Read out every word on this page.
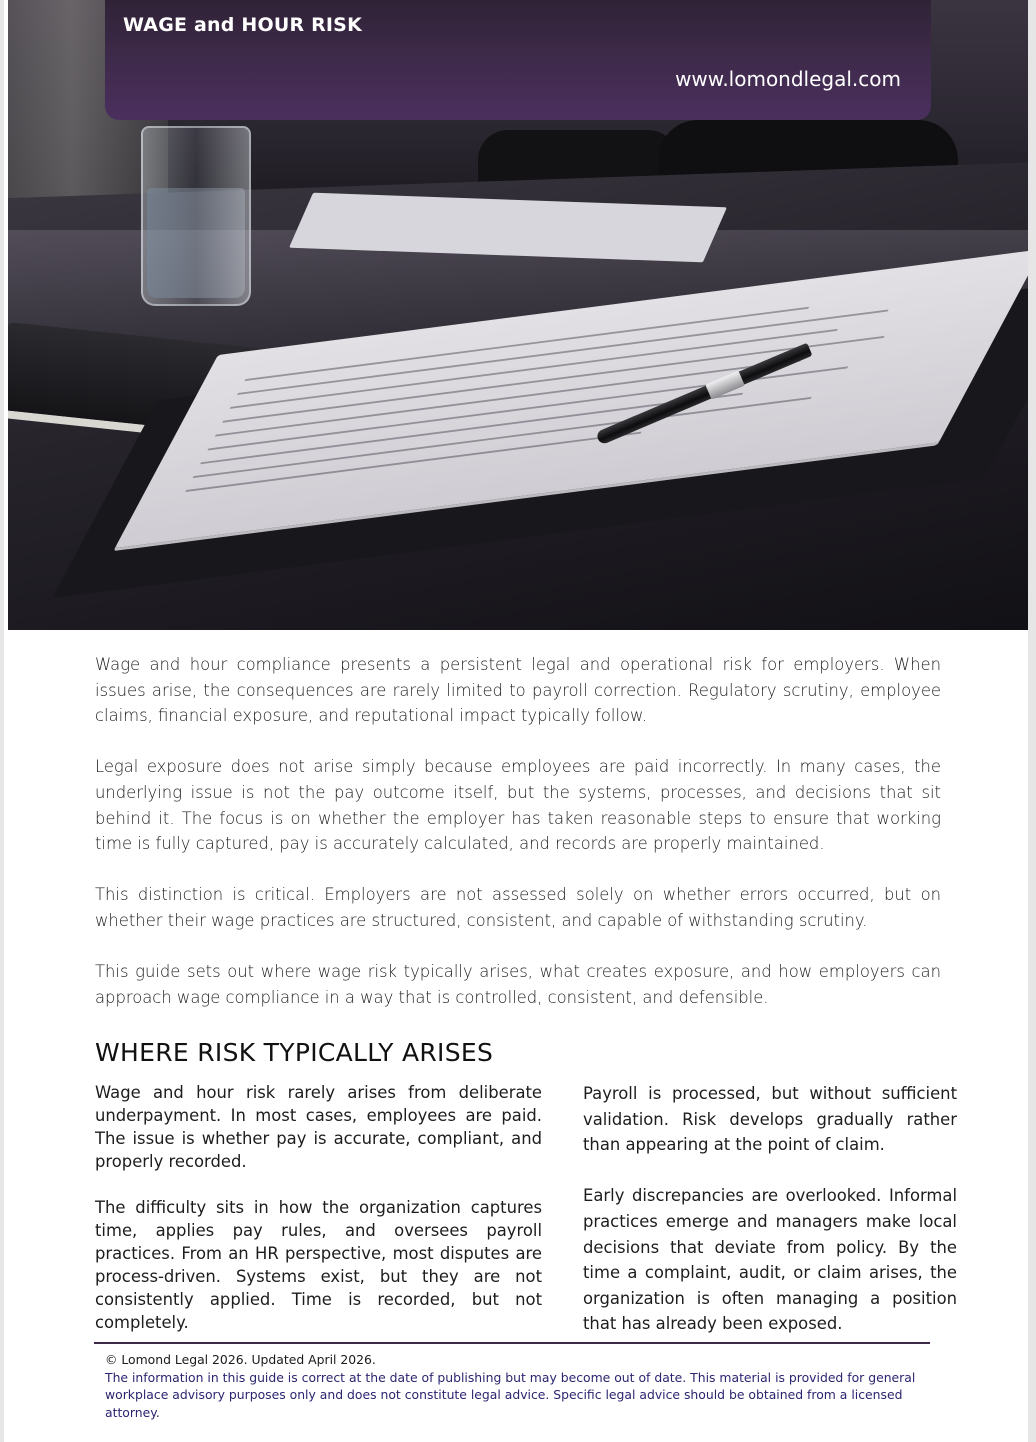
WAGE and HOUR RISK
www.lomondlegal.com

Wage and hour compliance presents a persistent legal and operational risk for employers. When issues arise, the consequences are rarely limited to payroll correction. Regulatory scrutiny, employee claims, financial exposure, and reputational impact typically follow.

Legal exposure does not arise simply because employees are paid incorrectly. In many cases, the underlying issue is not the pay outcome itself, but the systems, processes, and decisions that sit behind it. The focus is on whether the employer has taken reasonable steps to ensure that working time is fully captured, pay is accurately calculated, and records are properly maintained.

This distinction is critical. Employers are not assessed solely on whether errors occurred, but on whether their wage practices are structured, consistent, and capable of withstanding scrutiny.

This guide sets out where wage risk typically arises, what creates exposure, and how employers can approach wage compliance in a way that is controlled, consistent, and defensible.

WHERE RISK TYPICALLY ARISES

Wage and hour risk rarely arises from deliberate underpayment. In most cases, employees are paid. The issue is whether pay is accurate, compliant, and properly recorded.

The difficulty sits in how the organization captures time, applies pay rules, and oversees payroll practices. From an HR perspective, most disputes are process-driven. Systems exist, but they are not consistently applied. Time is recorded, but not completely.

Payroll is processed, but without sufficient validation. Risk develops gradually rather than appearing at the point of claim.

Early discrepancies are overlooked. Informal practices emerge and managers make local decisions that deviate from policy. By the time a complaint, audit, or claim arises, the organization is often managing a position that has already been exposed.

© Lomond Legal 2026. Updated April 2026.
The information in this guide is correct at the date of publishing but may become out of date. This material is provided for general
workplace advisory purposes only and does not constitute legal advice. Specific legal advice should be obtained from a licensed attorney.
